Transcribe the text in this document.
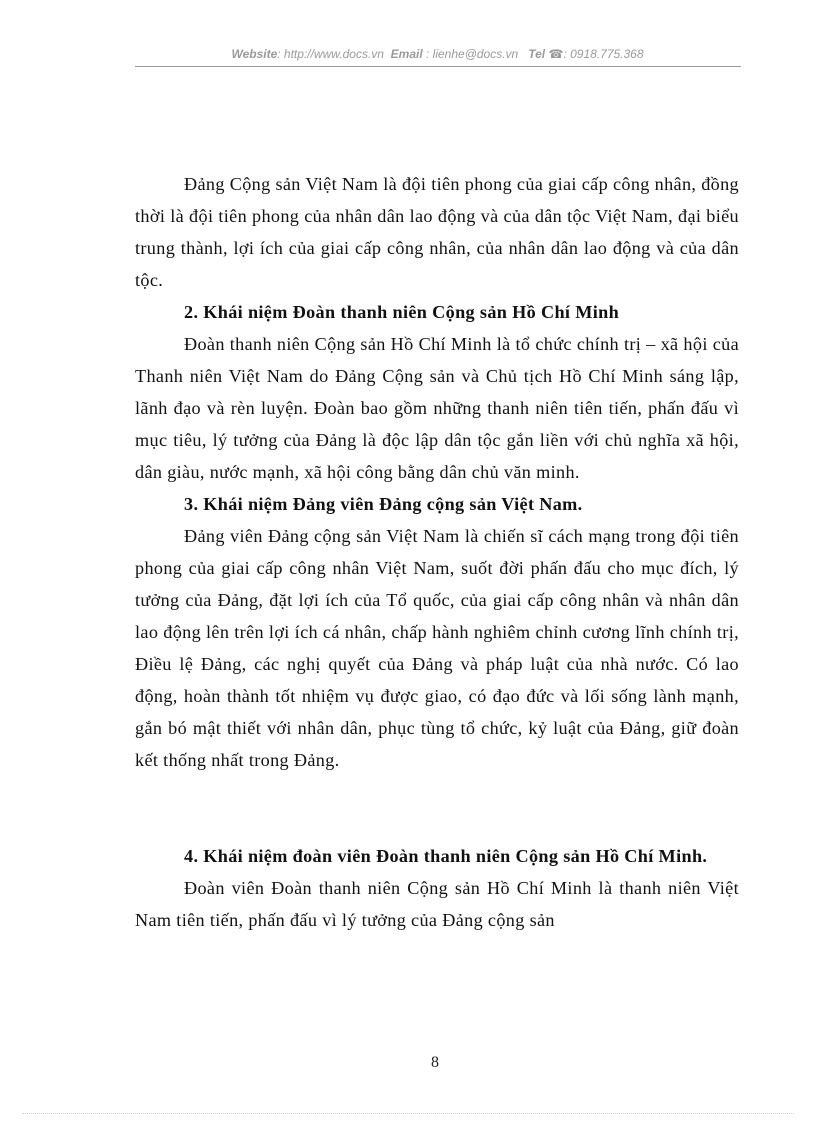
Website: http://www.docs.vn Email : lienhe@docs.vn Tel ☎: 0918.775.368

Đảng Cộng sản Việt Nam là đội tiên phong của giai cấp công nhân, đồng thời là đội tiên phong của nhân dân lao động và của dân tộc Việt Nam, đại biểu trung thành, lợi ích của giai cấp công nhân, của nhân dân lao động và của dân tộc.

2. Khái niệm Đoàn thanh niên Cộng sản Hồ Chí Minh

Đoàn thanh niên Cộng sản Hồ Chí Minh là tổ chức chính trị – xã hội của Thanh niên Việt Nam do Đảng Cộng sản và Chủ tịch Hồ Chí Minh sáng lập, lãnh đạo và rèn luyện. Đoàn bao gồm những thanh niên tiên tiến, phấn đấu vì mục tiêu, lý tưởng của Đảng là độc lập dân tộc gắn liền với chủ nghĩa xã hội, dân giàu, nước mạnh, xã hội công bằng dân chủ văn minh.

3. Khái niệm Đảng viên Đảng cộng sản Việt Nam.

Đảng viên Đảng cộng sản Việt Nam là chiến sĩ cách mạng trong đội tiên phong của giai cấp công nhân Việt Nam, suốt đời phấn đấu cho mục đích, lý tưởng của Đảng, đặt lợi ích của Tổ quốc, của giai cấp công nhân và nhân dân lao động lên trên lợi ích cá nhân, chấp hành nghiêm chỉnh cương lĩnh chính trị, Điều lệ Đảng, các nghị quyết của Đảng và pháp luật của nhà nước. Có lao động, hoàn thành tốt nhiệm vụ được giao, có đạo đức và lối sống lành mạnh, gắn bó mật thiết với nhân dân, phục tùng tổ chức, kỷ luật của Đảng, giữ đoàn kết thống nhất trong Đảng.

4. Khái niệm đoàn viên Đoàn thanh niên Cộng sản Hồ Chí Minh.

Đoàn viên Đoàn thanh niên Cộng sản Hồ Chí Minh là thanh niên Việt Nam tiên tiến, phấn đấu vì lý tưởng của Đảng cộng sản

8
